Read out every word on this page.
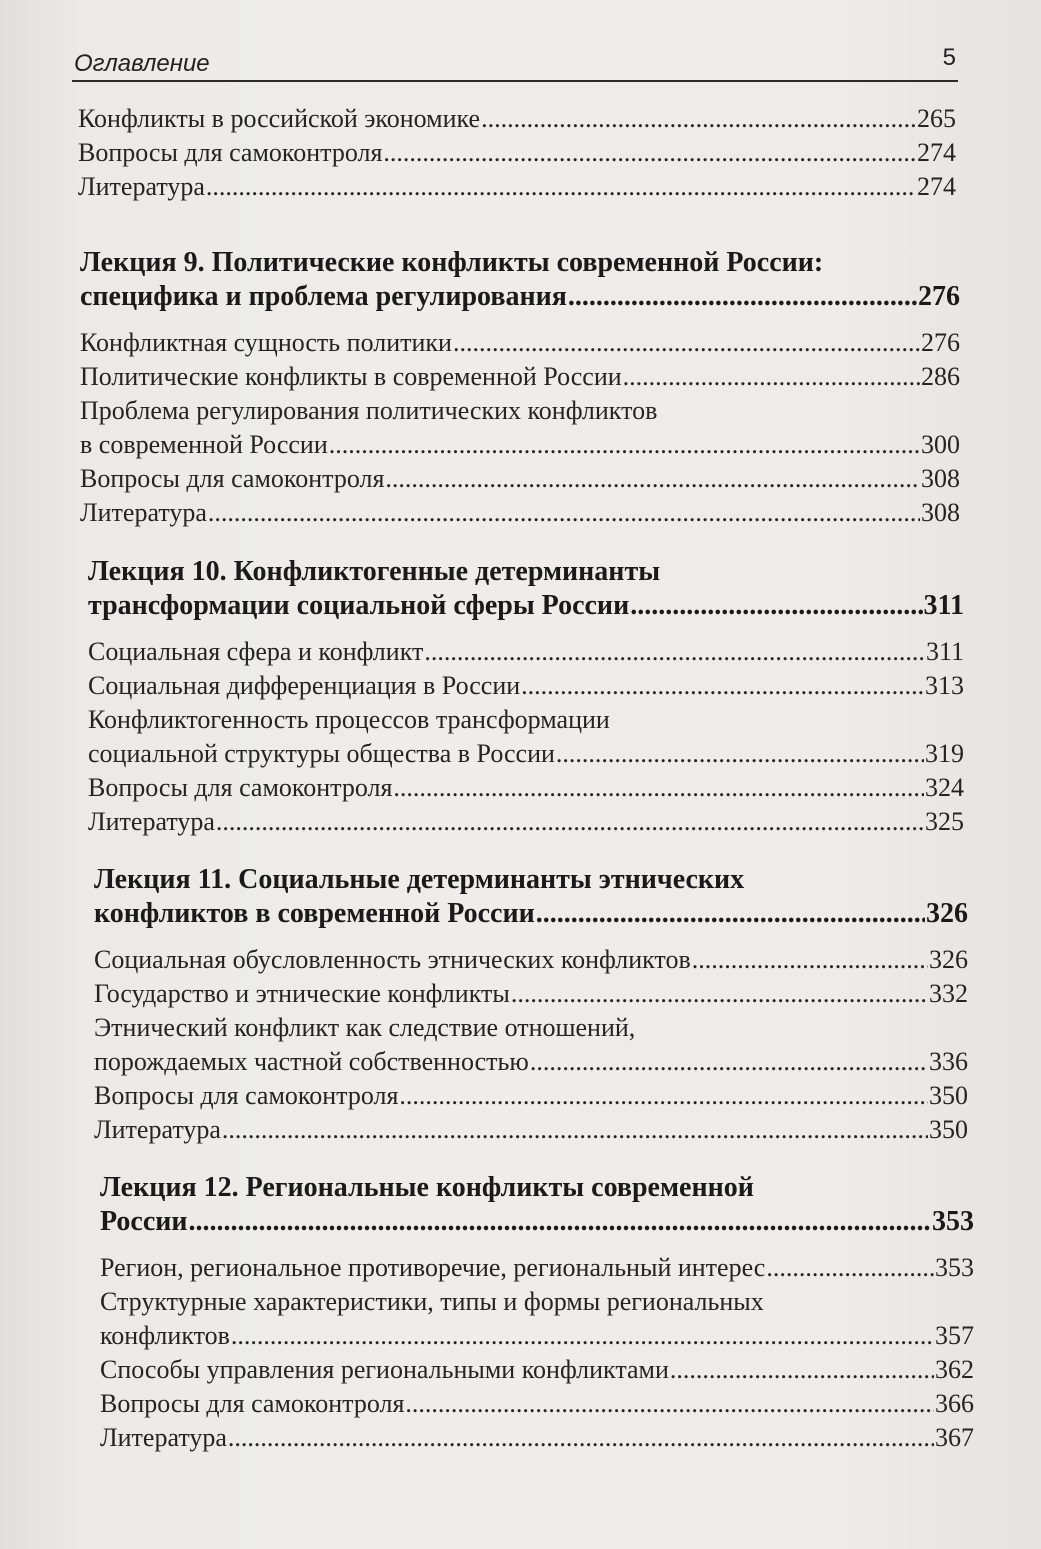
Оглавление	5
Конфликты в российской экономике .....	265
Вопросы для самоконтроля .....	274
Литература .....	274
Лекция 9. Политические конфликты современной России:
специфика и проблема регулирования .....	276
Конфликтная сущность политики .....	276
Политические конфликты в современной России .....	286
Проблема регулирования политических конфликтов
в современной России .....	300
Вопросы для самоконтроля .....	308
Литература .....	308
Лекция 10. Конфликтогенные детерминанты
трансформации социальной сферы России .....	311
Социальная сфера и конфликт .....	311
Социальная дифференциация в России .....	313
Конфликтогенность процессов трансформации
социальной структуры общества в России .....	319
Вопросы для самоконтроля .....	324
Литература .....	325
Лекция 11. Социальные детерминанты этнических
конфликтов в современной России .....	326
Социальная обусловленность этнических конфликтов .....	326
Государство и этнические конфликты .....	332
Этнический конфликт как следствие отношений,
порождаемых частной собственностью .....	336
Вопросы для самоконтроля .....	350
Литература .....	350
Лекция 12. Региональные конфликты современной
России .....	353
Регион, региональное противоречие, региональный интерес .....	353
Структурные характеристики, типы и формы региональных
конфликтов .....	357
Способы управления региональными конфликтами .....	362
Вопросы для самоконтроля .....	366
Литература .....	367
